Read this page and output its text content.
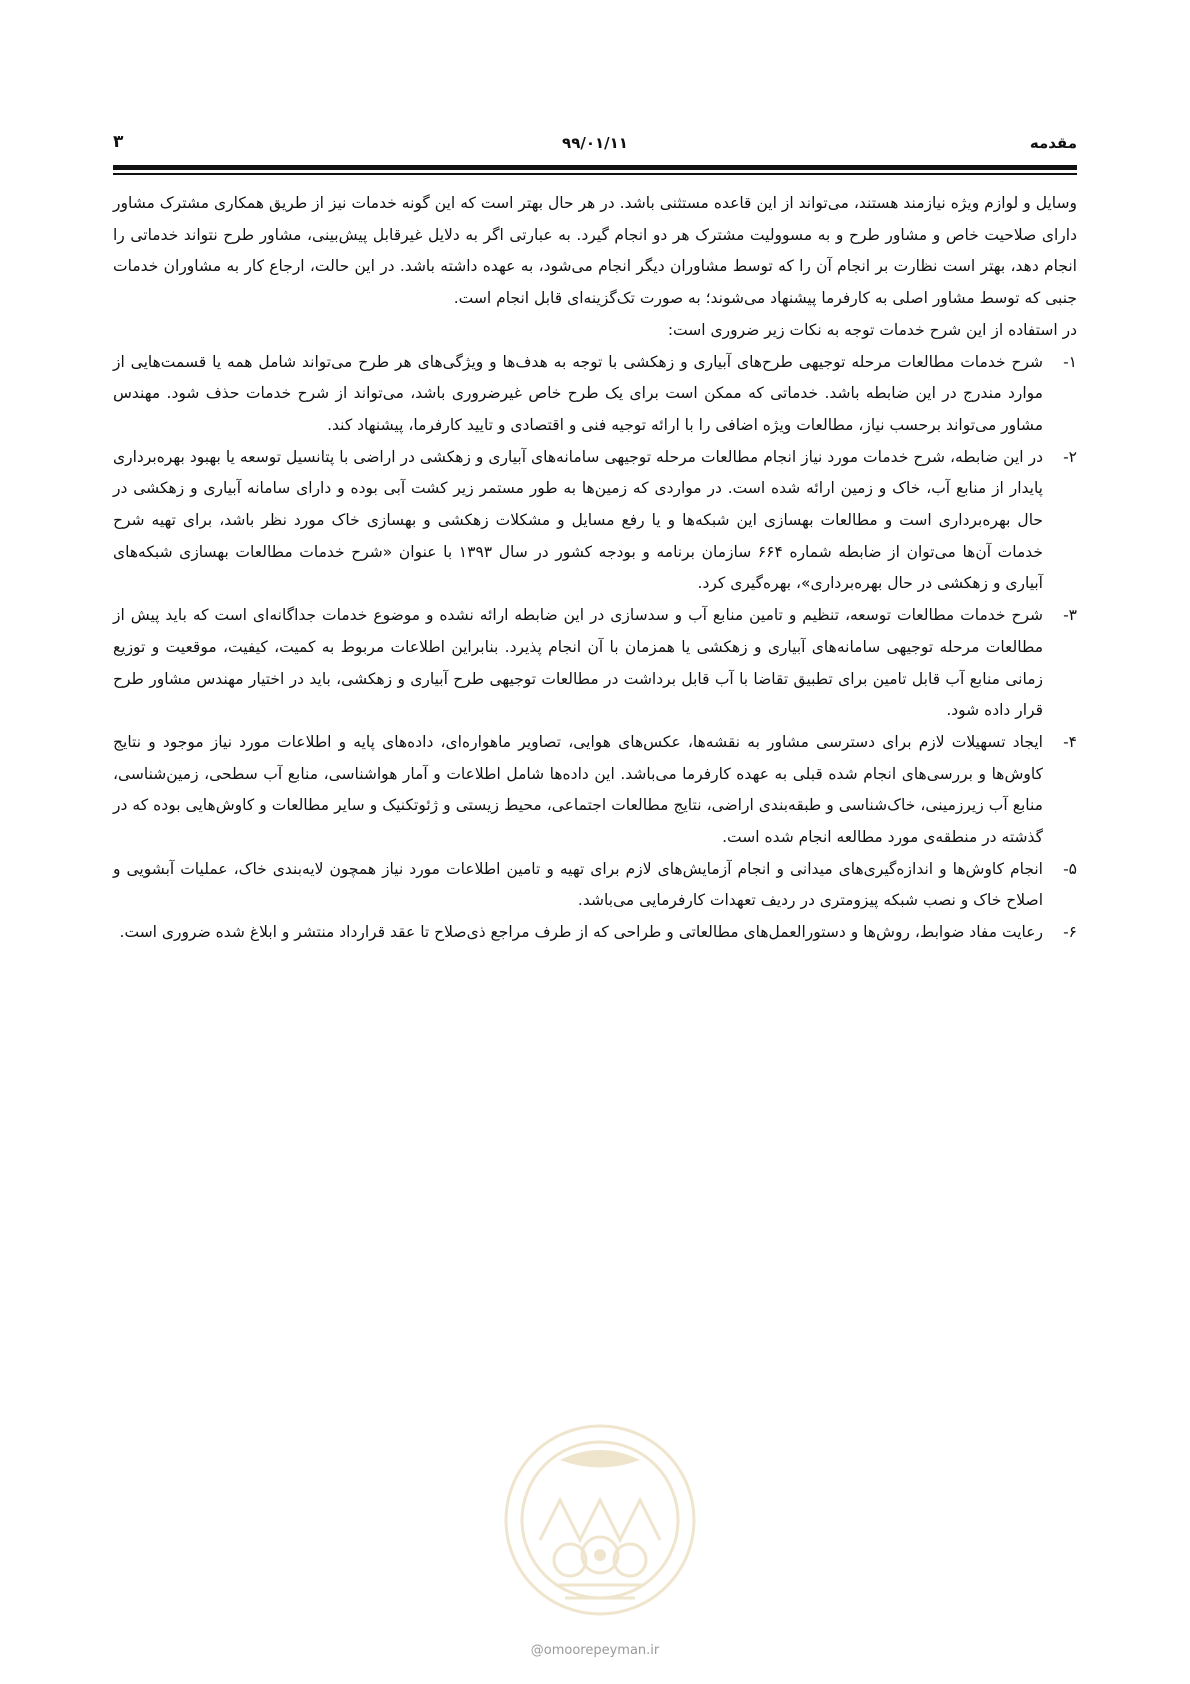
مقدمه
۹۹/۰۱/۱۱
۳

وسایل و لوازم ویژه نیازمند هستند، می‌تواند از این قاعده مستثنی باشد. در هر حال بهتر است که این گونه خدمات نیز از طریق همکاری مشترک مشاور دارای صلاحیت خاص و مشاور طرح و به مسوولیت مشترک هر دو انجام گیرد. به عبارتی اگر به دلایل غیرقابل پیش‌بینی، مشاور طرح نتواند خدماتی را انجام دهد، بهتر است نظارت بر انجام آن را که توسط مشاوران دیگر انجام می‌شود، به عهده داشته باشد. در این حالت، ارجاع کار به مشاوران خدمات جنبی که توسط مشاور اصلی به کارفرما پیشنهاد می‌شوند؛ به صورت تک‌گزینه‌ای قابل انجام است.

در استفاده از این شرح خدمات توجه به نکات زیر ضروری است:

۱-
شرح خدمات مطالعات مرحله توجیهی طرح‌های آبیاری و زهکشی با توجه به هدف‌ها و ویژگی‌های هر طرح می‌تواند شامل همه یا قسمت‌هایی از موارد مندرج در این ضابطه باشد. خدماتی که ممکن است برای یک طرح خاص غیرضروری باشد، می‌تواند از شرح خدمات حذف شود. مهندس مشاور می‌تواند برحسب نیاز، مطالعات ویژه اضافی را با ارائه توجیه فنی و اقتصادی و تایید کارفرما، پیشنهاد کند.
۲-
در این ضابطه، شرح خدمات مورد نیاز انجام مطالعات مرحله توجیهی سامانه‌های آبیاری و زهکشی در اراضی با پتانسیل توسعه یا بهبود بهره‌برداری پایدار از منابع آب، خاک و زمین ارائه شده است. در مواردی که زمین‌ها به طور مستمر زیر کشت آبی بوده و دارای سامانه آبیاری و زهکشی در حال بهره‌برداری است و مطالعات بهسازی این شبکه‌ها و یا رفع مسایل و مشکلات زهکشی و بهسازی خاک مورد نظر باشد، برای تهیه شرح خدمات آن‌ها می‌توان از ضابطه شماره ۶۶۴ سازمان برنامه و بودجه کشور در سال ۱۳۹۳ با عنوان «شرح خدمات مطالعات بهسازی شبکه‌های آبیاری و زهکشی در حال بهره‌برداری»، بهره‌گیری کرد.
۳-
شرح خدمات مطالعات توسعه، تنظیم و تامین منابع آب و سدسازی در این ضابطه ارائه نشده و موضوع خدمات جداگانه‌ای است که باید پیش از مطالعات مرحله توجیهی سامانه‌های آبیاری و زهکشی یا همزمان با آن انجام پذیرد. بنابراین اطلاعات مربوط به کمیت، کیفیت، موقعیت و توزیع زمانی منابع آب قابل تامین برای تطبیق تقاضا با آب قابل برداشت در مطالعات توجیهی طرح آبیاری و زهکشی، باید در اختیار مهندس مشاور طرح قرار داده شود.
۴-
ایجاد تسهیلات لازم برای دسترسی مشاور به نقشه‌ها، عکس‌های هوایی، تصاویر ماهواره‌ای، داده‌های پایه و اطلاعات مورد نیاز موجود و نتایج کاوش‌ها و بررسی‌های انجام شده قبلی به عهده کارفرما می‌باشد. این داده‌ها شامل اطلاعات و آمار هواشناسی، منابع آب سطحی، زمین‌شناسی، منابع آب زیرزمینی، خاک‌شناسی و طبقه‌بندی اراضی، نتایج مطالعات اجتماعی، محیط زیستی و ژئوتکنیک و سایر مطالعات و کاوش‌هایی بوده که در گذشته در منطقه‌ی مورد مطالعه انجام شده است.
۵-
انجام کاوش‌ها و اندازه‌گیری‌های میدانی و انجام آزمایش‌های لازم برای تهیه و تامین اطلاعات مورد نیاز همچون لایه‌بندی خاک، عملیات آبشویی و اصلاح خاک و نصب شبکه پیزومتری در ردیف تعهدات کارفرمایی می‌باشد.
۶-
رعایت مفاد ضوابط، روش‌ها و دستورالعمل‌های مطالعاتی و طراحی که از طرف مراجع ذی‌صلاح تا عقد قرارداد منتشر و ابلاغ شده ضروری است.
@omoorepeyman.ir
